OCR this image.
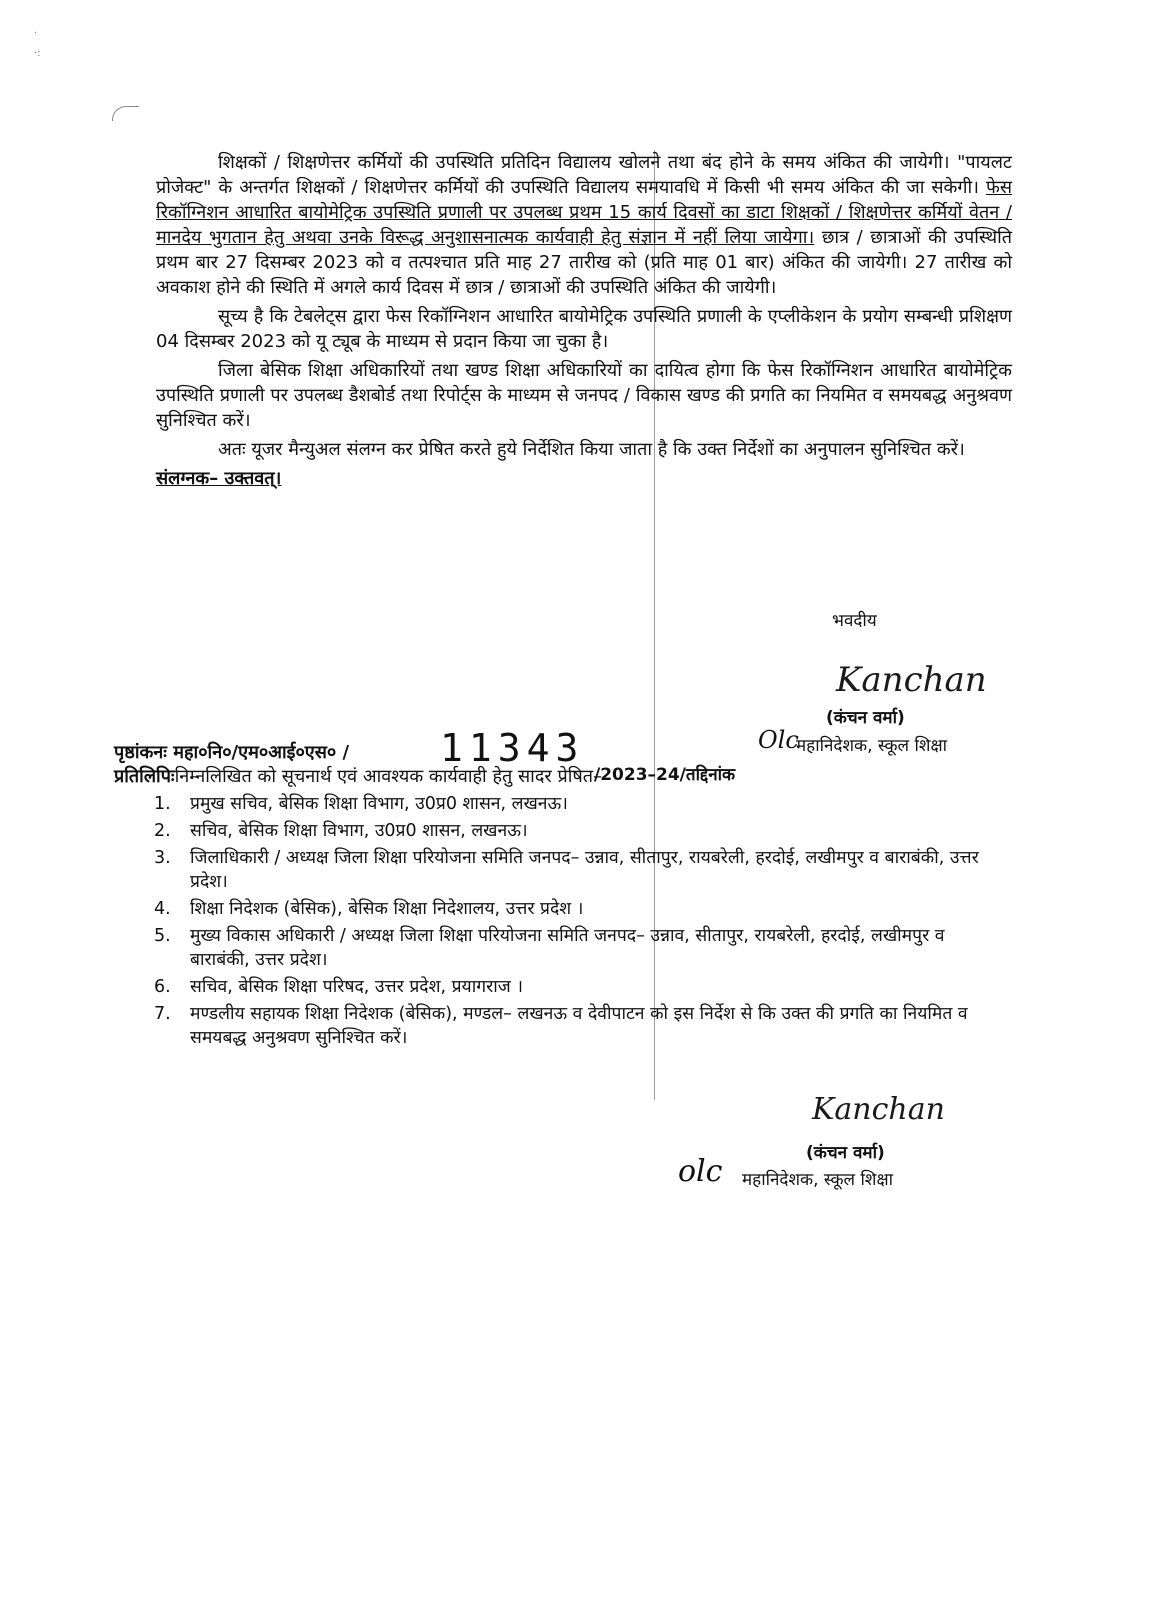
·
·:

शिक्षकों / शिक्षणेत्तर कर्मियों की उपस्थिति प्रतिदिन विद्यालय खोलने तथा बंद होने के समय अंकित की जायेगी। "पायलट प्रोजेक्ट" के अन्तर्गत शिक्षकों / शिक्षणेत्तर कर्मियों की उपस्थिति विद्यालय समयावधि में किसी भी समय अंकित की जा सकेगी। फेस रिकॉग्निशन आधारित बायोमेट्रिक उपस्थिति प्रणाली पर उपलब्ध प्रथम 15 कार्य दिवसों का डाटा शिक्षकों / शिक्षणेत्तर कर्मियों वेतन / मानदेय भुगतान हेतु अथवा उनके विरूद्ध अनुशासनात्मक कार्यवाही हेतु संज्ञान में नहीं लिया जायेगा। छात्र / छात्राओं की उपस्थिति प्रथम बार 27 दिसम्बर 2023 को व तत्पश्चात प्रति माह 27 तारीख को (प्रति माह 01 बार) अंकित की जायेगी। 27 तारीख को अवकाश होने की स्थिति में अगले कार्य दिवस में छात्र / छात्राओं की उपस्थिति अंकित की जायेगी।

सूच्य है कि टेबलेट्स द्वारा फेस रिकॉग्निशन आधारित बायोमेट्रिक उपस्थिति प्रणाली के एप्लीकेशन के प्रयोग सम्बन्धी प्रशिक्षण 04 दिसम्बर 2023 को यू ट्यूब के माध्यम से प्रदान किया जा चुका है।

जिला बेसिक शिक्षा अधिकारियों तथा खण्ड शिक्षा अधिकारियों का दायित्व होगा कि फेस रिकॉग्निशन आधारित बायोमेट्रिक उपस्थिति प्रणाली पर उपलब्ध डैशबोर्ड तथा रिपोर्ट्स के माध्यम से जनपद / विकास खण्ड की प्रगति का नियमित व समयबद्ध अनुश्रवण सुनिश्चित करें।

अतः यूजर मैन्युअल संलग्न कर प्रेषित करते हुये निर्देशित किया जाता है कि उक्त निर्देशों का अनुपालन सुनिश्चित करें।

संलग्नक– उक्तवत्।
भवदीय
Kanchan
(कंचन वर्मा)
Olc
महानिदेशक, स्कूल शिक्षा
पृष्ठांकनः महा०नि०/एम०आई०एस० / 11343
/2023–24/तद्दिनांक
प्रतिलिपिःनिम्नलिखित को सूचनार्थ एवं आवश्यक कार्यवाही हेतु सादर प्रेषित–
1. प्रमुख सचिव, बेसिक शिक्षा विभाग, उ0प्र0 शासन, लखनऊ।
2. सचिव, बेसिक शिक्षा विभाग, उ0प्र0 शासन, लखनऊ।
3. जिलाधिकारी / अध्यक्ष जिला शिक्षा परियोजना समिति जनपद– उन्नाव, सीतापुर, रायबरेली, हरदोई, लखीमपुर व बाराबंकी, उत्तर प्रदेश।
4. शिक्षा निदेशक (बेसिक), बेसिक शिक्षा निदेशालय, उत्तर प्रदेश ।
5. मुख्य विकास अधिकारी / अध्यक्ष जिला शिक्षा परियोजना समिति जनपद– उन्नाव, सीतापुर, रायबरेली, हरदोई, लखीमपुर व बाराबंकी, उत्तर प्रदेश।
6. सचिव, बेसिक शिक्षा परिषद, उत्तर प्रदेश, प्रयागराज ।
7. मण्डलीय सहायक शिक्षा निदेशक (बेसिक), मण्डल– लखनऊ व देवीपाटन को इस निर्देश से कि उक्त की प्रगति का नियमित व समयबद्ध अनुश्रवण सुनिश्चित करें।
Kanchan
(कंचन वर्मा)
olc महानिदेशक, स्कूल शिक्षा
